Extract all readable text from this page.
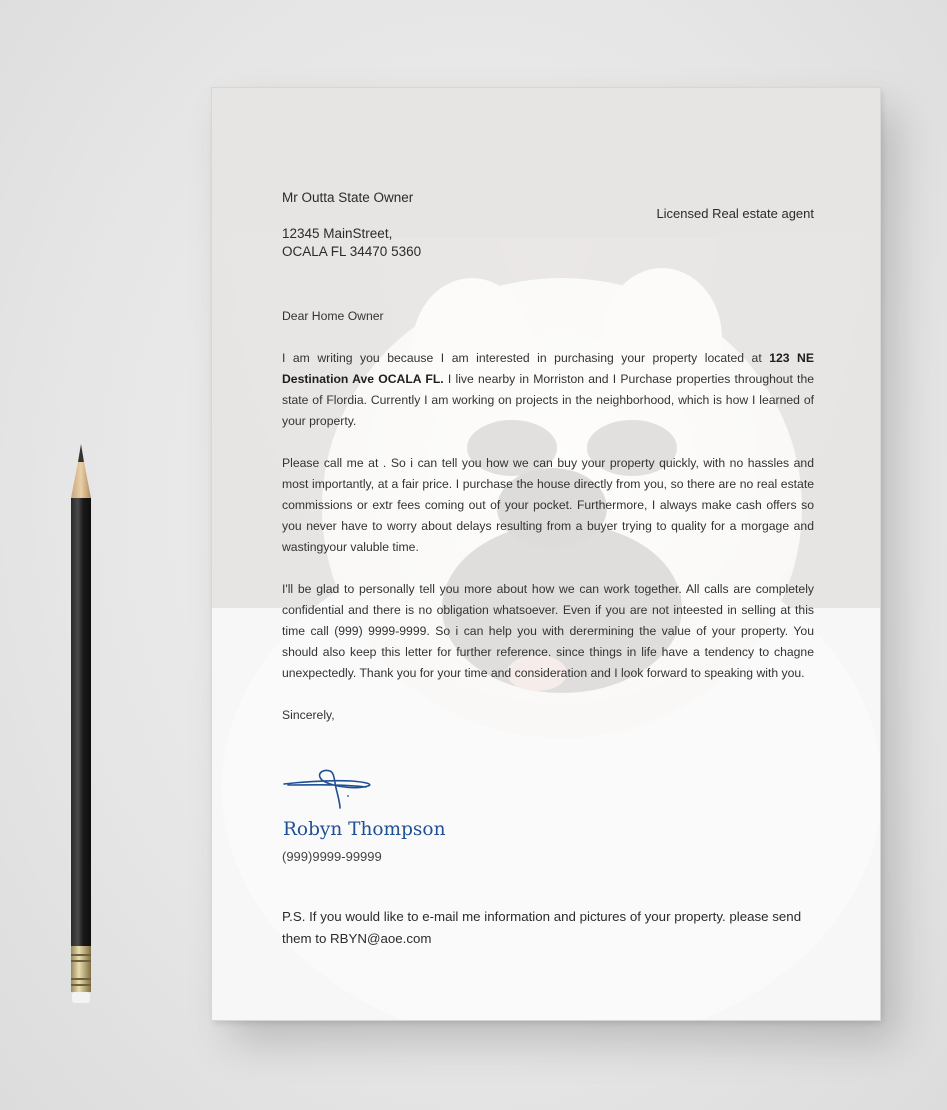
Mr Outta State Owner
12345 MainStreet,
OCALA FL 34470 5360
Licensed Real estate agent

Dear Home Owner

I am writing you because I am interested in purchasing your property located at 123 NE Destination Ave OCALA FL. I live nearby in Morriston and I Purchase properties throughout the state of Flordia. Currently I am working on projects in the neighborhood, which is how I learned of your property.

Please call me at . So i can tell you how we can buy your property quickly, with no hassles and most importantly, at a fair price. I purchase the house directly from you, so there are no real estate commissions or extr fees coming out of your pocket. Furthermore, I always make cash offers so you never have to worry about delays resulting from a buyer trying to quality for a morgage and wastingyour valuble time.

I'll be glad to personally tell you more about how we can work together. All calls are completely confidential and there is no obligation whatsoever. Even if you are not inteested in selling at this time call (999) 9999-9999. So i can help you with derermining the value of your property. You should also keep this letter for further reference. since things in life have a tendency to chagne unexpectedly. Thank you for your time and consideration and I look forward to speaking with you.

Sincerely,

Robyn Thompson
(999)9999-99999
P.S. If you would like to e-mail me information and pictures of your property. please send them to RBYN@aoe.com
